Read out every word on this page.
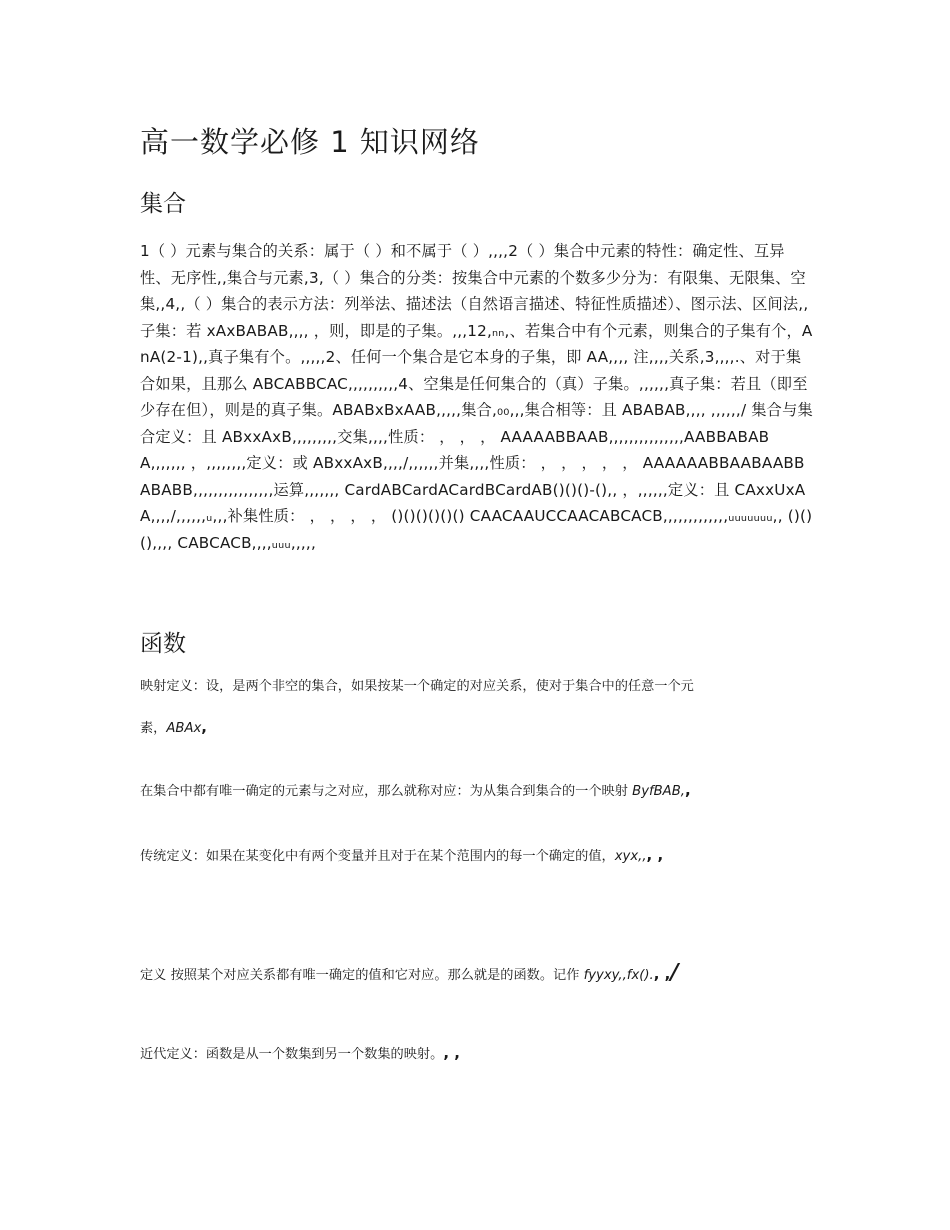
高一数学必修 1 知识网络
集合

1（ ）元素与集合的关系：属于（ ）和不属于（ ）,,,,2（ ）集合中元素的特性：确定性、互异性、无序性,,集合与元素,3,（ ）集合的分类：按集合中元素的个数多少分为：有限集、无限集、空集,,4,,（ ）集合的表示方法：列举法、描述法（自然语言描述、特征性质描述）、图示法、区间法,,子集：若 xAxBABAB,,,, ，则，即是的子集。,,,12,ₙₙ,、若集合中有个元素，则集合的子集有个，AnA(2-1),,真子集有个。,,,,,2、任何一个集合是它本身的子集，即 AA,,,, 注,,,,关系,3,,,,.、对于集合如果，且那么 ABCABBCAC,,,,,,,,,,4、空集是任何集合的（真）子集。,,,,,,真子集：若且（即至少存在但），则是的真子集。ABABxBxAAB,,,,,集合,₀₀,,,集合相等：且 ABABAB,,,, ,,,,,,/ 集合与集合定义：且 ABxxAxB,,,,,,,,,交集,,,,性质： ， ， ， AAAAABBAAB,,,,,,,,,,,,,,,AABBABABA,,,,,,, ，,,,,,,,,定义：或 ABxxAxB,,,,/,,,,,,并集,,,,性质： ， ， ， ， ， AAAAAABBAABAABBABABB,,,,,,,,,,,,,,,,运算,,,,,,, CardABCardACardBCardAB()()()-(),, ，,,,,,,定义：且 CAxxUxAA,,,,/,,,,,,ᵤ,,,补集性质： ， ， ， ， ()()()()()() CAACAAUCCAACABCACB,,,,,,,,,,,,,ᵤᵤᵤᵤᵤᵤᵤ,, ()()(),,,, CABCACB,,,,ᵤᵤᵤ,,,,,

函数

映射定义：设，是两个非空的集合，如果按某一个确定的对应关系，使对于集合中的任意一个元

素，ABAx,

在集合中都有唯一确定的元素与之对应，那么就称对应：为从集合到集合的一个映射 ByfBAB,,

传统定义：如果在某变化中有两个变量并且对于在某个范围内的每一个确定的值，xyx,,, ,

定义 按照某个对应关系都有唯一确定的值和它对应。那么就是的函数。记作 fyyxy,,fx()., ,/

近代定义：函数是从一个数集到另一个数集的映射。, ,
